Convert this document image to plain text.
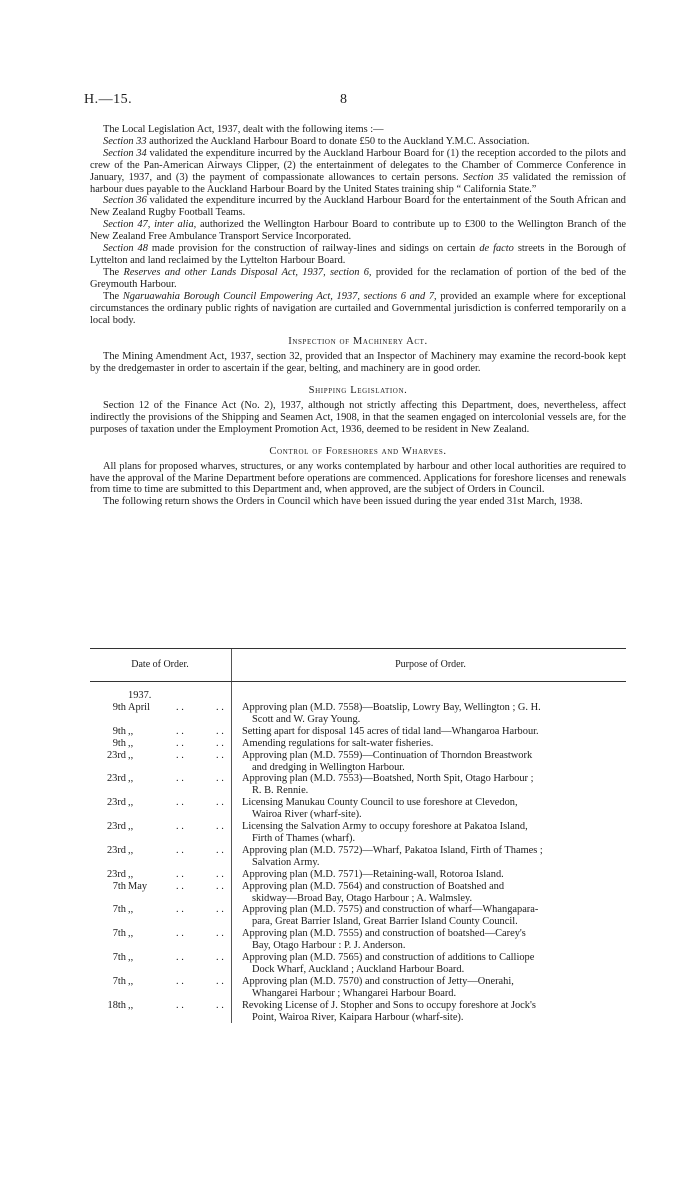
H.—15.	8

The Local Legislation Act, 1937, dealt with the following items :—

Section 33 authorized the Auckland Harbour Board to donate £50 to the Auckland Y.M.C. Association.

Section 34 validated the expenditure incurred by the Auckland Harbour Board for (1) the reception accorded to the pilots and crew of the Pan-American Airways Clipper, (2) the entertainment of delegates to the Chamber of Commerce Conference in January, 1937, and (3) the payment of compassionate allowances to certain persons. Section 35 validated the remission of harbour dues payable to the Auckland Harbour Board by the United States training ship “ California State.”

Section 36 validated the expenditure incurred by the Auckland Harbour Board for the entertainment of the South African and New Zealand Rugby Football Teams.

Section 47, inter alia, authorized the Wellington Harbour Board to contribute up to £300 to the Wellington Branch of the New Zealand Free Ambulance Transport Service Incorporated.

Section 48 made provision for the construction of railway-lines and sidings on certain de facto streets in the Borough of Lyttelton and land reclaimed by the Lyttelton Harbour Board.

The Reserves and other Lands Disposal Act, 1937, section 6, provided for the reclamation of portion of the bed of the Greymouth Harbour.

The Ngaruawahia Borough Council Empowering Act, 1937, sections 6 and 7, provided an example where for exceptional circumstances the ordinary public rights of navigation are curtailed and Governmental jurisdiction is conferred temporarily on a local body.

Inspection of Machinery Act.

The Mining Amendment Act, 1937, section 32, provided that an Inspector of Machinery may examine the record-book kept by the dredgemaster in order to ascertain if the gear, belting, and machinery are in good order.

Shipping Legislation.

Section 12 of the Finance Act (No. 2), 1937, although not strictly affecting this Department, does, nevertheless, affect indirectly the provisions of the Shipping and Seamen Act, 1908, in that the seamen engaged on intercolonial vessels are, for the purposes of taxation under the Employment Promotion Act, 1936, deemed to be resident in New Zealand.

Control of Foreshores and Wharves.

All plans for proposed wharves, structures, or any works contemplated by harbour and other local authorities are required to have the approval of the Marine Department before operations are commenced. Applications for foreshore licenses and renewals from time to time are submitted to this Department and, when approved, are the subject of Orders in Council.

The following return shows the Orders in Council which have been issued during the year ended 31st March, 1938.

Date of Order.	Purpose of Order.
1937.
9th April	. .	. . Approving plan (M.D. 7558)—Boatslip, Lowry Bay, Wellington ; G. H.
Scott and W. Gray Young.
9th ,,	. .	. . Setting apart for disposal 145 acres of tidal land—Whangaroa Harbour.
9th ,,	. .	. . Amending regulations for salt-water fisheries.
23rd ,,	. .	. . Approving plan (M.D. 7559)—Continuation of Thorndon Breastwork
and dredging in Wellington Harbour.
23rd ,,	. .	. . Approving plan (M.D. 7553)—Boatshed, North Spit, Otago Harbour ;
R. B. Rennie.
23rd ,,	. .	. . Licensing Manukau County Council to use foreshore at Clevedon,
Wairoa River (wharf-site).
23rd ,,	. .	. . Licensing the Salvation Army to occupy foreshore at Pakatoa Island,
Firth of Thames (wharf).
23rd ,,	. .	. . Approving plan (M.D. 7572)—Wharf, Pakatoa Island, Firth of Thames ;
Salvation Army.
23rd ,,	. .	. . Approving plan (M.D. 7571)—Retaining-wall, Rotoroa Island.
7th May	. .	. . Approving plan (M.D. 7564) and construction of Boatshed and
skidway—Broad Bay, Otago Harbour ; A. Walmsley.
7th ,,	. .	. . Approving plan (M.D. 7575) and construction of wharf—Whangapara-
para, Great Barrier Island, Great Barrier Island County Council.
7th ,,	. .	. . Approving plan (M.D. 7555) and construction of boatshed—Carey's
Bay, Otago Harbour : P. J. Anderson.
7th ,,	. .	. . Approving plan (M.D. 7565) and construction of additions to Calliope
Dock Wharf, Auckland ; Auckland Harbour Board.
7th ,,	. .	. . Approving plan (M.D. 7570) and construction of Jetty—Onerahi,
Whangarei Harbour ; Whangarei Harbour Board.
18th ,,	. .	. . Revoking License of J. Stopher and Sons to occupy foreshore at Jock's
Point, Wairoa River, Kaipara Harbour (wharf-site).
